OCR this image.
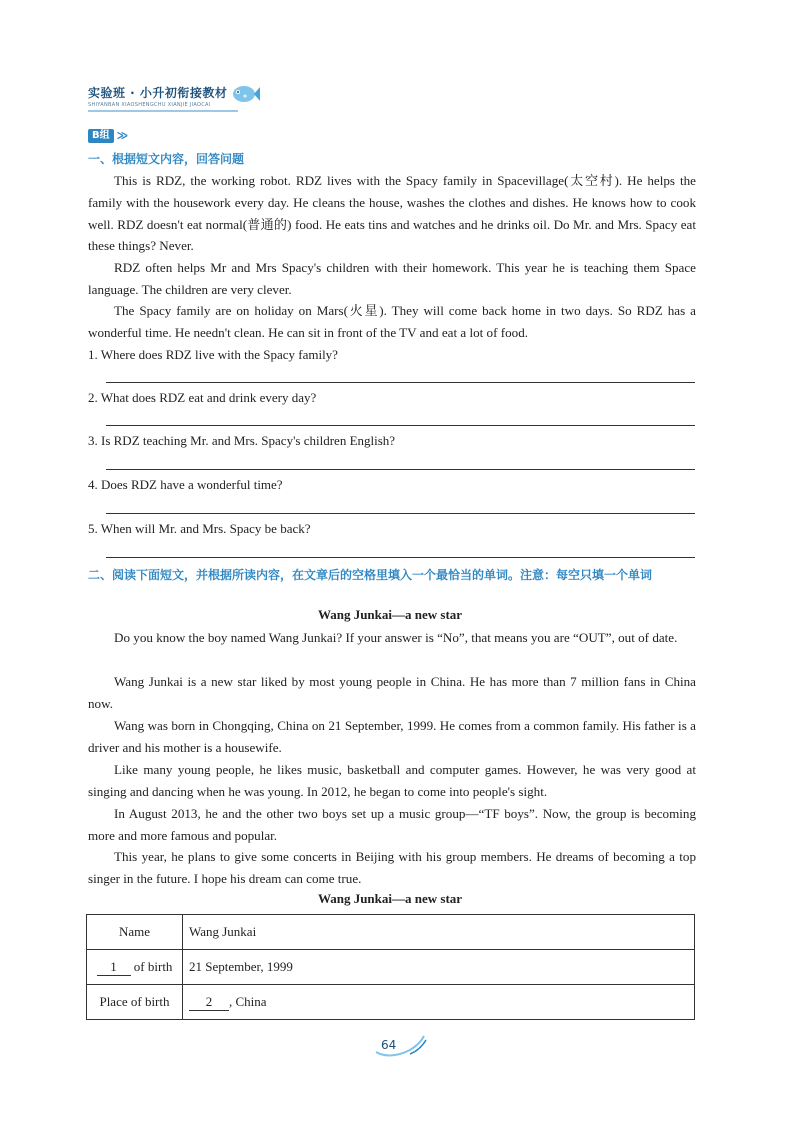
实验班 · 小升初衔接教材
SHIYANBAN XIAOSHENGCHU XIANJIE JIAOCAI
B组 ≫
一、根据短文内容，回答问题
This is RDZ, the working robot. RDZ lives with the Spacy family in Spacevillage(太空村). He helps the family with the housework every day. He cleans the house, washes the clothes and dishes. He knows how to cook well. RDZ doesn't eat normal(普通的) food. He eats tins and watches and he drinks oil. Do Mr. and Mrs. Spacy eat these things? Never.
RDZ often helps Mr and Mrs Spacy's children with their homework. This year he is teaching them Space language. The children are very clever.
The Spacy family are on holiday on Mars(火星). They will come back home in two days. So RDZ has a wonderful time. He needn't clean. He can sit in front of the TV and eat a lot of food.
1. Where does RDZ live with the Spacy family?
2. What does RDZ eat and drink every day?
3. Is RDZ teaching Mr. and Mrs. Spacy's children English?
4. Does RDZ have a wonderful time?
5. When will Mr. and Mrs. Spacy be back?
二、阅读下面短文，并根据所读内容，在文章后的空格里填入一个最恰当的单词。注意：每空只填一个单词
Wang Junkai—a new star
Do you know the boy named Wang Junkai? If your answer is “No”, that means you are “OUT”, out of date.
Wang Junkai is a new star liked by most young people in China. He has more than 7 million fans in China now.
Wang was born in Chongqing, China on 21 September, 1999. He comes from a common family. His father is a driver and his mother is a housewife.
Like many young people, he likes music, basketball and computer games. However, he was very good at singing and dancing when he was young. In 2012, he began to come into people's sight.
In August 2013, he and the other two boys set up a music group—“TF boys”. Now, the group is becoming more and more famous and popular.
This year, he plans to give some concerts in Beijing with his group members. He dreams of becoming a top singer in the future. I hope his dream can come true.
Wang Junkai—a new star
Name	Wang Junkai
1 of birth	21 September, 1999
Place of birth	2 , China
64
